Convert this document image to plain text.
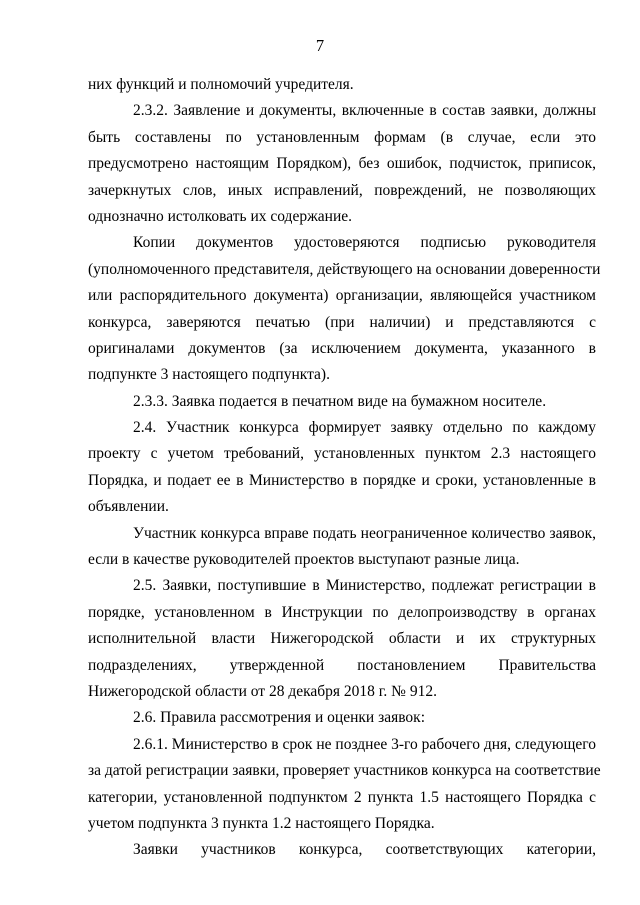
7
них функций и полномочий учредителя.
2.3.2. Заявление и документы, включенные в состав заявки, должны
быть составлены по установленным формам (в случае, если это
предусмотрено настоящим Порядком), без ошибок, подчисток, приписок,
зачеркнутых слов, иных исправлений, повреждений, не позволяющих
однозначно истолковать их содержание.
Копии документов удостоверяются подписью руководителя
(уполномоченного представителя, действующего на основании доверенности
или распорядительного документа) организации, являющейся участником
конкурса, заверяются печатью (при наличии) и представляются с
оригиналами документов (за исключением документа, указанного в
подпункте 3 настоящего подпункта).
2.3.3. Заявка подается в печатном виде на бумажном носителе.
2.4. Участник конкурса формирует заявку отдельно по каждому
проекту с учетом требований, установленных пунктом 2.3 настоящего
Порядка, и подает ее в Министерство в порядке и сроки, установленные в
объявлении.
Участник конкурса вправе подать неограниченное количество заявок,
если в качестве руководителей проектов выступают разные лица.
2.5. Заявки, поступившие в Министерство, подлежат регистрации в
порядке, установленном в Инструкции по делопроизводству в органах
исполнительной власти Нижегородской области и их структурных
подразделениях, утвержденной постановлением Правительства
Нижегородской области от 28 декабря 2018 г. № 912.
2.6. Правила рассмотрения и оценки заявок:
2.6.1. Министерство в срок не позднее 3-го рабочего дня, следующего
за датой регистрации заявки, проверяет участников конкурса на соответствие
категории, установленной подпунктом 2 пункта 1.5 настоящего Порядка с
учетом подпункта 3 пункта 1.2 настоящего Порядка.
Заявки участников конкурса, соответствующих категории,
